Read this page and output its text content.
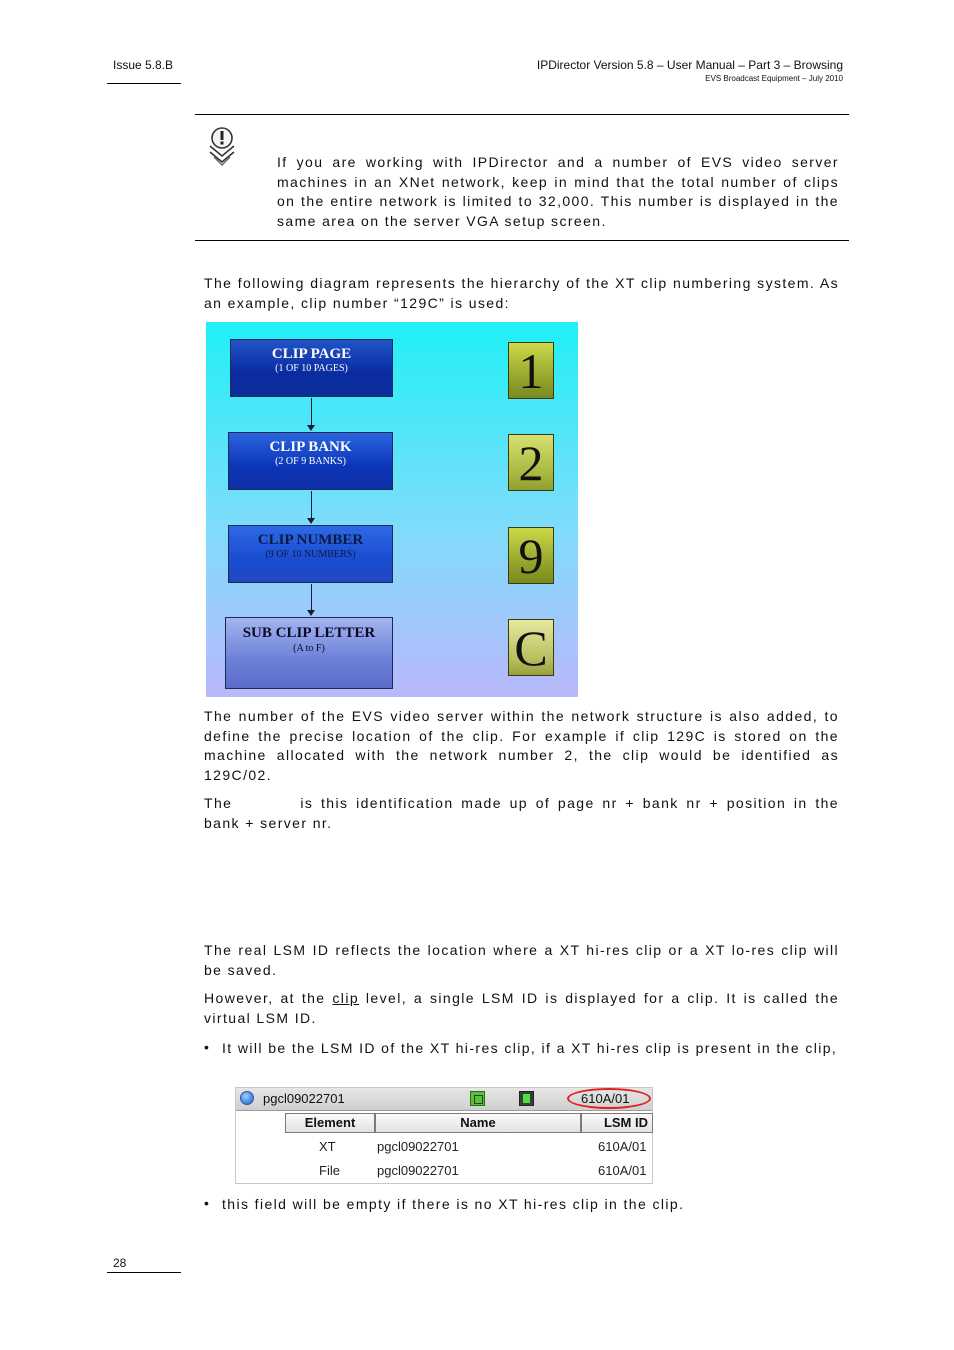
Issue 5.8.B	IPDirector Version 5.8 – User Manual – Part 3 – Browsing
EVS Broadcast Equipment – July 2010
If you are working with IPDirector and a number of EVS video server machines in an XNet network, keep in mind that the total number of clips on the entire network is limited to 32,000. This number is displayed in the same area on the server VGA setup screen.
The following diagram represents the hierarchy of the XT clip numbering system. As an example, clip number “129C” is used:
CLIP PAGE
(1 OF 10 PAGES)
CLIP BANK
(2 OF 9 BANKS)
CLIP NUMBER
(9 OF 10 NUMBERS)
SUB CLIP LETTER
(A to F)
1
2
9
C
The number of the EVS video server within the network structure is also added, to define the precise location of the clip. For example if clip 129C is stored on the machine allocated with the network number 2, the clip would be identified as 129C/02.
The	is this identification made up of page nr + bank nr + position in the bank + server nr.
The real LSM ID reflects the location where a XT hi-res clip or a XT lo-res clip will be saved.
However, at the clip level, a single LSM ID is displayed for a clip. It is called the virtual LSM ID.
• It will be the LSM ID of the XT hi-res clip, if a XT hi-res clip is present in the clip,
pgcl09022701	610A/01
Element	Name	LSM ID
XT	pgcl09022701	610A/01
File	pgcl09022701	610A/01
• this field will be empty if there is no XT hi-res clip in the clip.
28
